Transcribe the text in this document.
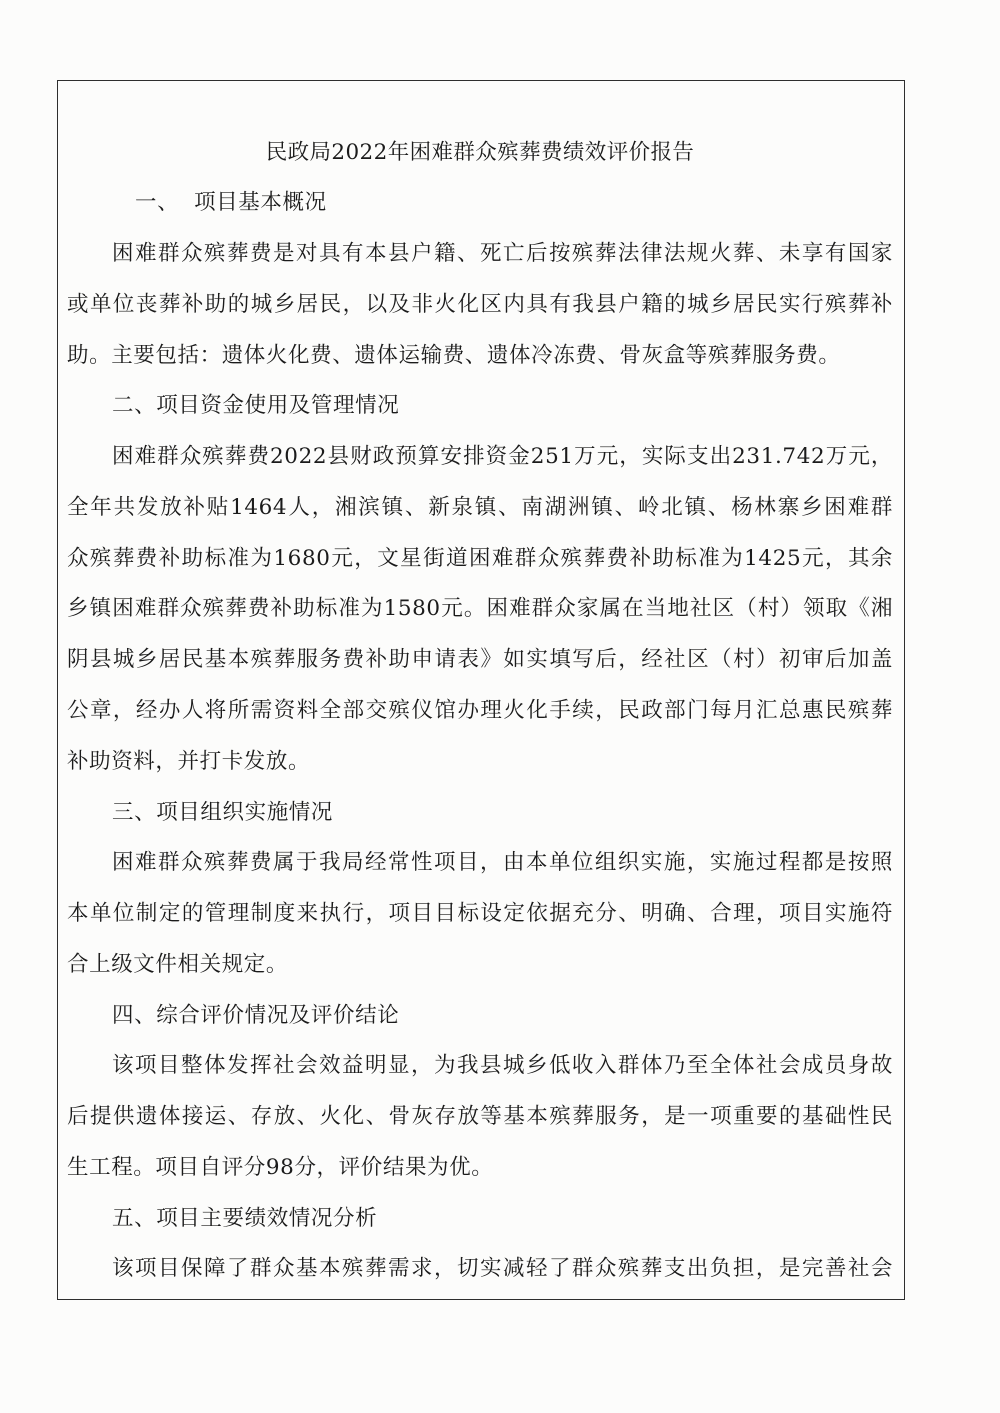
民政局2022年困难群众殡葬费绩效评价报告
一、  项目基本概况
困难群众殡葬费是对具有本县户籍、死亡后按殡葬法律法规火葬、未享有国家
或单位丧葬补助的城乡居民，以及非火化区内具有我县户籍的城乡居民实行殡葬补
助。主要包括：遗体火化费、遗体运输费、遗体冷冻费、骨灰盒等殡葬服务费。
二、项目资金使用及管理情况
困难群众殡葬费2022县财政预算安排资金251万元，实际支出231.742万元，
全年共发放补贴1464人，湘滨镇、新泉镇、南湖洲镇、岭北镇、杨林寨乡困难群
众殡葬费补助标准为1680元，文星街道困难群众殡葬费补助标准为1425元，其余
乡镇困难群众殡葬费补助标准为1580元。困难群众家属在当地社区（村）领取《湘
阴县城乡居民基本殡葬服务费补助申请表》如实填写后，经社区（村）初审后加盖
公章，经办人将所需资料全部交殡仪馆办理火化手续，民政部门每月汇总惠民殡葬
补助资料，并打卡发放。
三、项目组织实施情况
困难群众殡葬费属于我局经常性项目，由本单位组织实施，实施过程都是按照
本单位制定的管理制度来执行，项目目标设定依据充分、明确、合理，项目实施符
合上级文件相关规定。
四、综合评价情况及评价结论
该项目整体发挥社会效益明显，为我县城乡低收入群体乃至全体社会成员身故
后提供遗体接运、存放、火化、骨灰存放等基本殡葬服务，是一项重要的基础性民
生工程。项目自评分98分，评价结果为优。
五、项目主要绩效情况分析
该项目保障了群众基本殡葬需求，切实减轻了群众殡葬支出负担，是完善社会
